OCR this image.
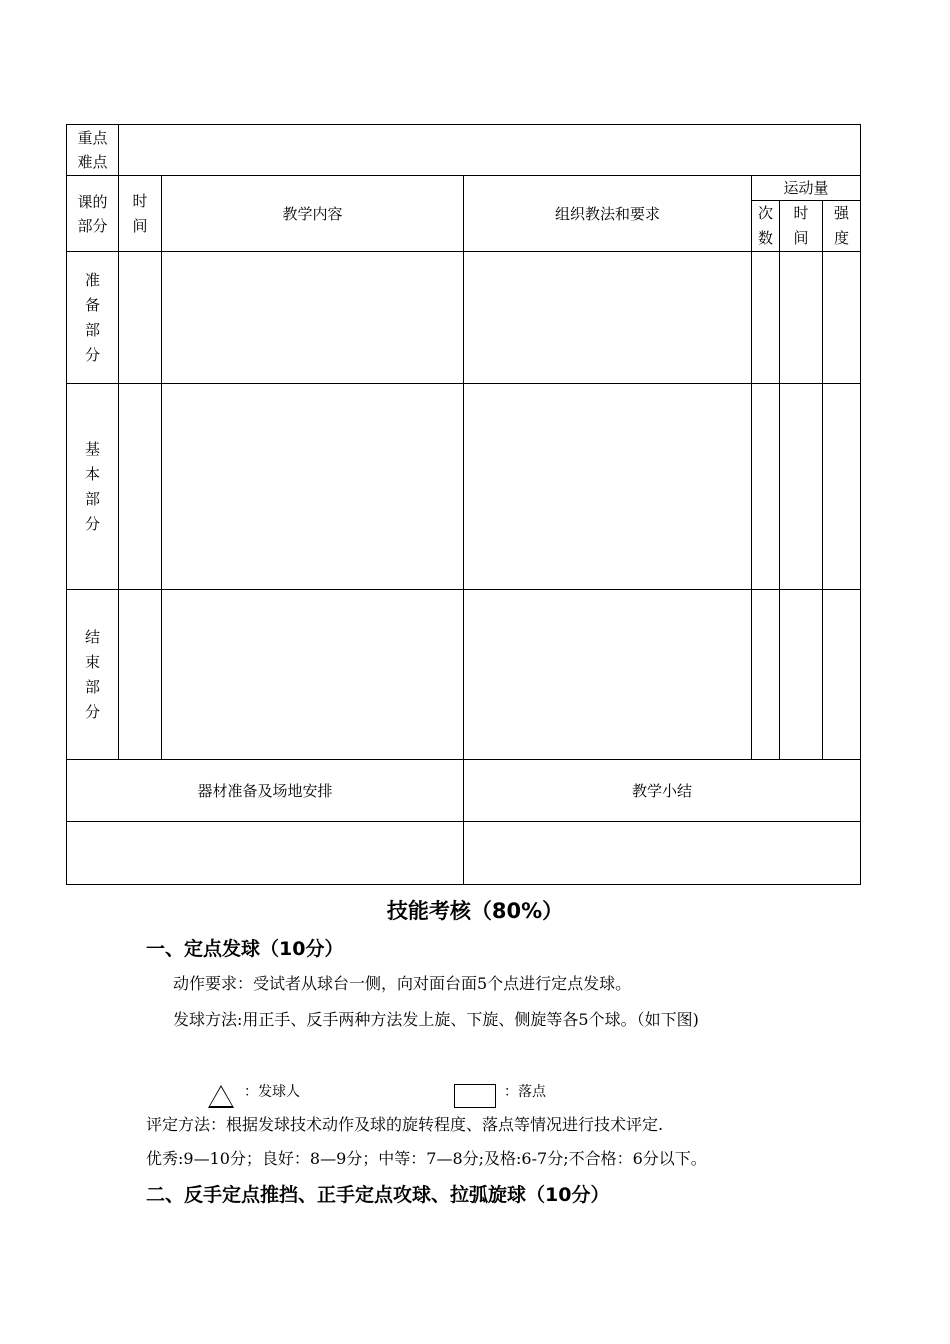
重点难点						
课的部分	时间	教学内容	组织教法和要求	运动量		
				次数	时间	强度
准备部分						
基本部分						
结束部分						
器材准备及场地安排			教学小结			

技能考核（80%）
一、定点发球（10分）
动作要求：受试者从球台一侧，向对面台面5个点进行定点发球。
发球方法:用正手、反手两种方法发上旋、下旋、侧旋等各5个球。（如下图)
：发球人	：落点
评定方法：根据发球技术动作及球的旋转程度、落点等情况进行技术评定.
优秀:9—10分；良好：8—9分；中等：7—8分;及格:6-7分;不合格：6分以下。
二、反手定点推挡、正手定点攻球、拉弧旋球（10分）
